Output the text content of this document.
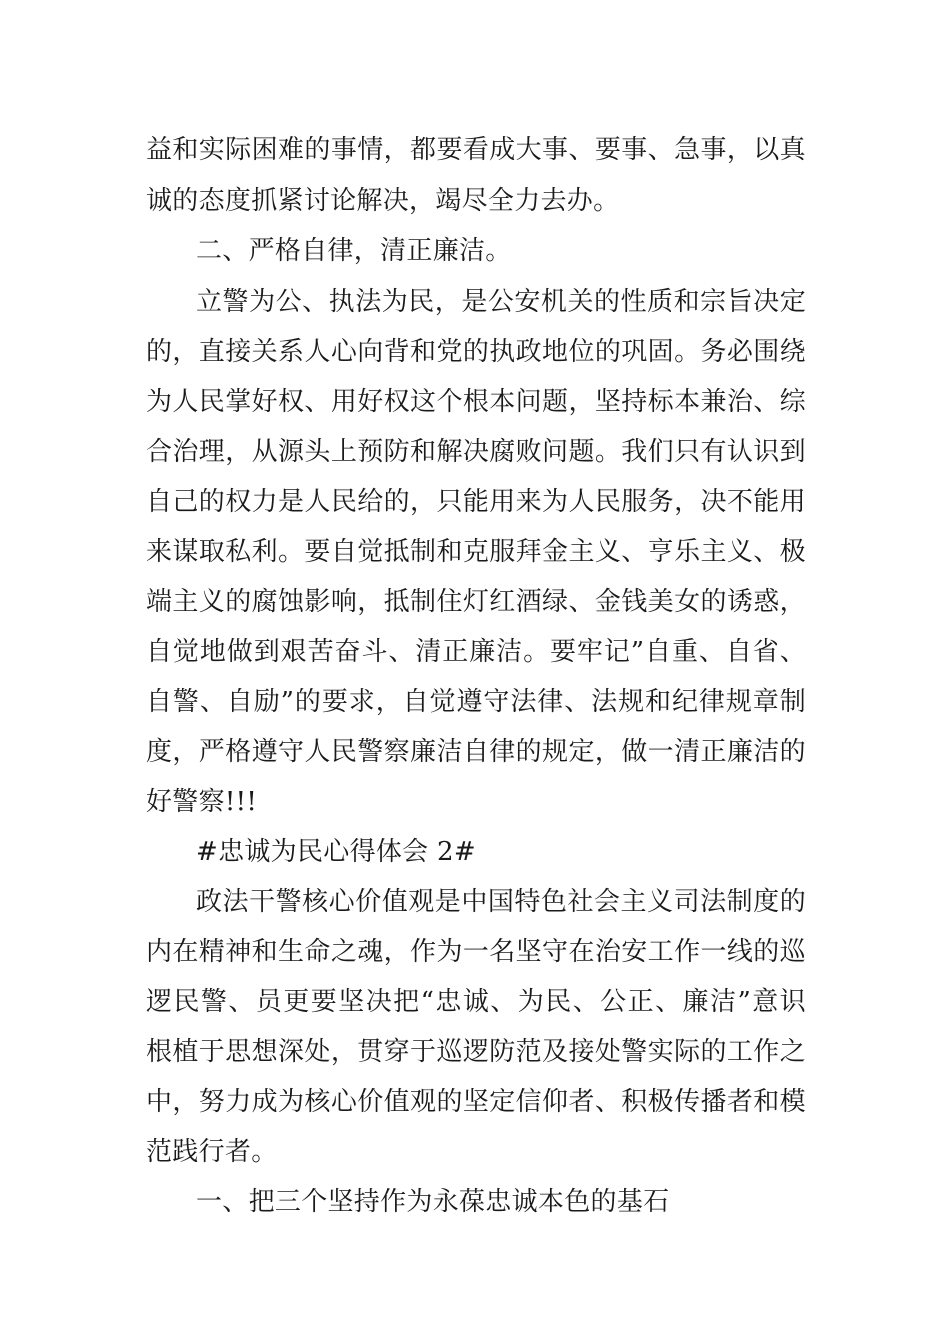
益和实际困难的事情，都要看成大事、要事、急事，以真
诚的态度抓紧讨论解决，竭尽全力去办。
二、严格自律，清正廉洁。
立警为公、执法为民，是公安机关的性质和宗旨决定
的，直接关系人心向背和党的执政地位的巩固。务必围绕
为人民掌好权、用好权这个根本问题，坚持标本兼治、综
合治理，从源头上预防和解决腐败问题。我们只有认识到
自己的权力是人民给的，只能用来为人民服务，决不能用
来谋取私利。要自觉抵制和克服拜金主义、亨乐主义、极
端主义的腐蚀影响，抵制住灯红酒绿、金钱美女的诱惑，
自觉地做到艰苦奋斗、清正廉洁。要牢记”自重、自省、
自警、自励”的要求，自觉遵守法律、法规和纪律规章制
度，严格遵守人民警察廉洁自律的规定，做一清正廉洁的
好警察!!!
#忠诚为民心得体会 2#
政法干警核心价值观是中国特色社会主义司法制度的
内在精神和生命之魂，作为一名坚守在治安工作一线的巡
逻民警、员更要坚决把“忠诚、为民、公正、廉洁”意识
根植于思想深处，贯穿于巡逻防范及接处警实际的工作之
中，努力成为核心价值观的坚定信仰者、积极传播者和模
范践行者。
一、把三个坚持作为永葆忠诚本色的基石
